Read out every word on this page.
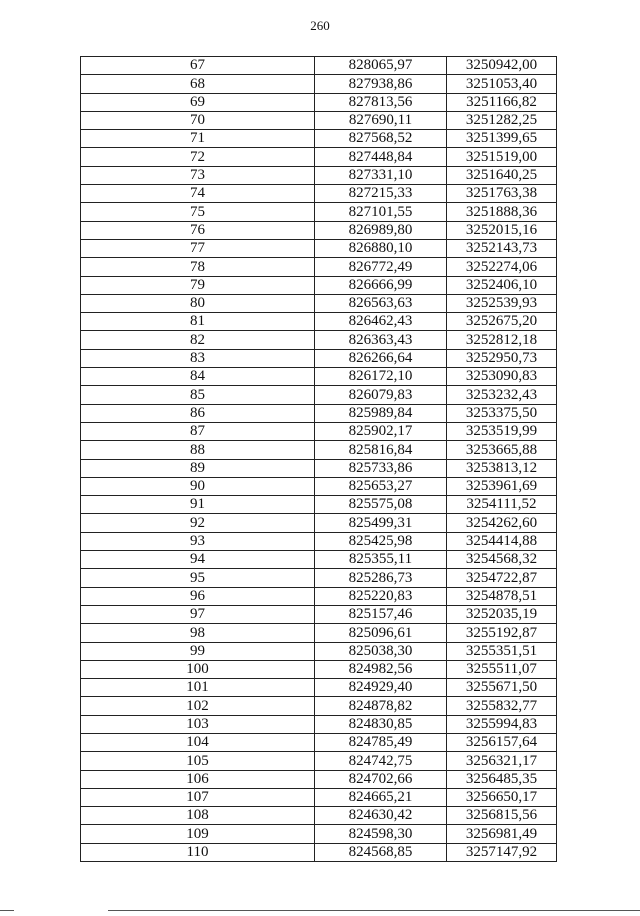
260
67	828065,97	3250942,00
68	827938,86	3251053,40
69	827813,56	3251166,82
70	827690,11	3251282,25
71	827568,52	3251399,65
72	827448,84	3251519,00
73	827331,10	3251640,25
74	827215,33	3251763,38
75	827101,55	3251888,36
76	826989,80	3252015,16
77	826880,10	3252143,73
78	826772,49	3252274,06
79	826666,99	3252406,10
80	826563,63	3252539,93
81	826462,43	3252675,20
82	826363,43	3252812,18
83	826266,64	3252950,73
84	826172,10	3253090,83
85	826079,83	3253232,43
86	825989,84	3253375,50
87	825902,17	3253519,99
88	825816,84	3253665,88
89	825733,86	3253813,12
90	825653,27	3253961,69
91	825575,08	3254111,52
92	825499,31	3254262,60
93	825425,98	3254414,88
94	825355,11	3254568,32
95	825286,73	3254722,87
96	825220,83	3254878,51
97	825157,46	3252035,19
98	825096,61	3255192,87
99	825038,30	3255351,51
100	824982,56	3255511,07
101	824929,40	3255671,50
102	824878,82	3255832,77
103	824830,85	3255994,83
104	824785,49	3256157,64
105	824742,75	3256321,17
106	824702,66	3256485,35
107	824665,21	3256650,17
108	824630,42	3256815,56
109	824598,30	3256981,49
110	824568,85	3257147,92
